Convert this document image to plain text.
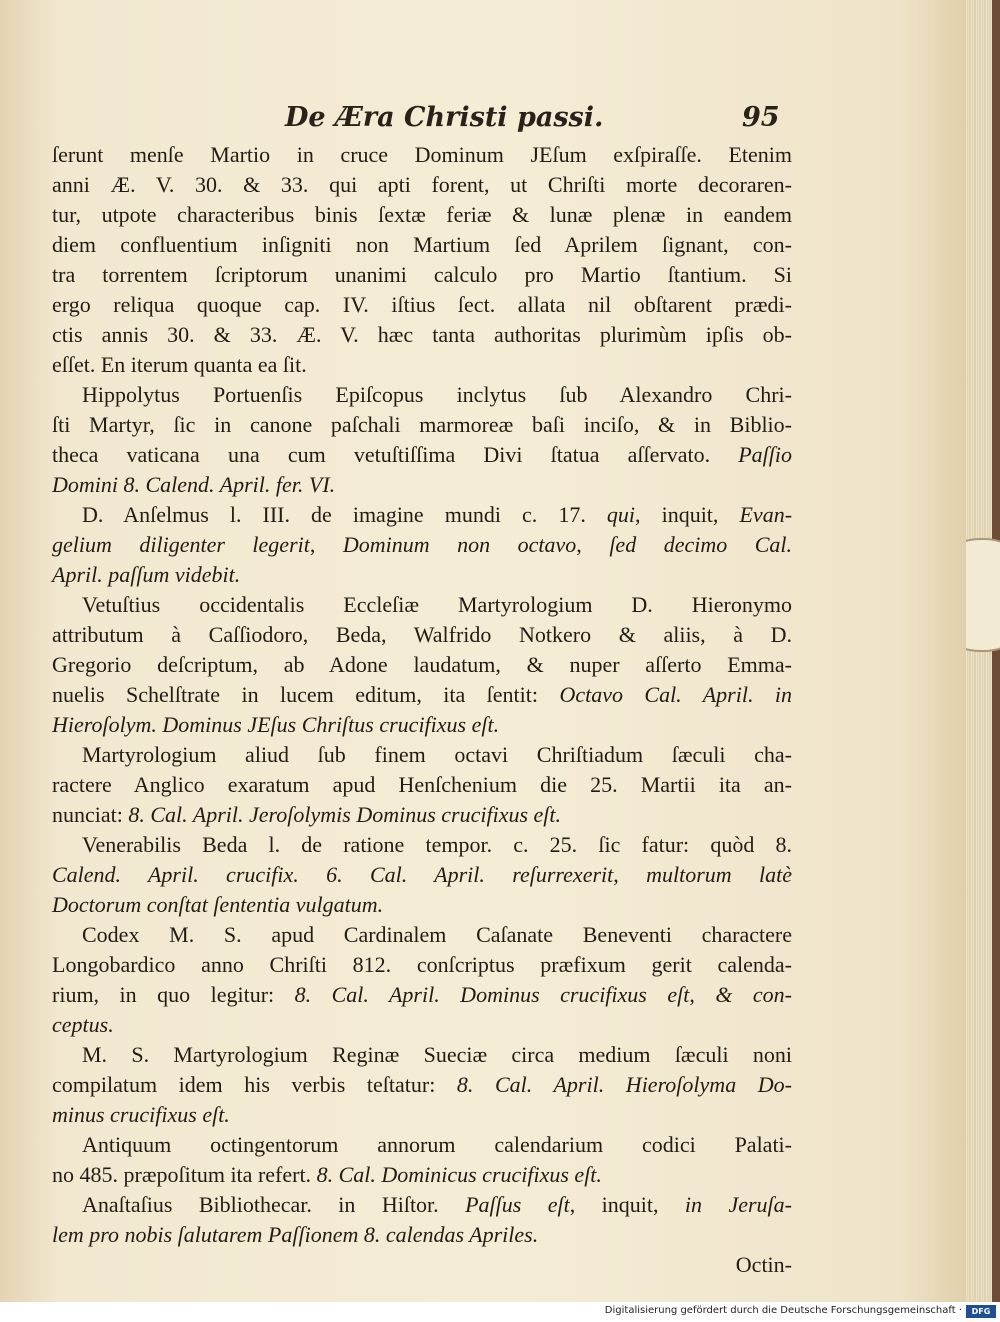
De Æra Christi passi.	95
ſerunt menſe Martio in cruce Dominum JEſum exſpiraſſe. Etenim
anni Æ. V. 30. & 33. qui apti forent, ut Chriſti morte decoraren-
tur, utpote characteribus binis ſextæ feriæ & lunæ plenæ in eandem
diem confluentium inſigniti non Martium ſed Aprilem ſignant, con-
tra torrentem ſcriptorum unanimi calculo pro Martio ſtantium. Si
ergo reliqua quoque cap. IV. iſtius ſect. allata nil obſtarent prædi-
ctis annis 30. & 33. Æ. V. hæc tanta authoritas plurimùm ipſis ob-
eſſet. En iterum quanta ea ſit.
Hippolytus Portuenſis Epiſcopus inclytus ſub Alexandro Chri-
ſti Martyr, ſic in canone paſchali marmoreæ baſi inciſo, & in Biblio-
theca vaticana una cum vetuſtiſſima Divi ſtatua aſſervato. Paſſio
Domini 8. Calend. April. fer. VI.
D. Anſelmus l. III. de imagine mundi c. 17. qui, inquit, Evan-
gelium diligenter legerit, Dominum non octavo, ſed decimo Cal.
April. paſſum videbit.
Vetuſtius occidentalis Eccleſiæ Martyrologium D. Hieronymo
attributum à Caſſiodoro, Beda, Walfrido Notkero & aliis, à D.
Gregorio deſcriptum, ab Adone laudatum, & nuper aſſerto Emma-
nuelis Schelſtrate in lucem editum, ita ſentit: Octavo Cal. April. in
Hieroſolym. Dominus JEſus Chriſtus crucifixus eſt.
Martyrologium aliud ſub finem octavi Chriſtiadum ſæculi cha-
ractere Anglico exaratum apud Henſchenium die 25. Martii ita an-
nunciat: 8. Cal. April. Jeroſolymis Dominus crucifixus eſt.
Venerabilis Beda l. de ratione tempor. c. 25. ſic fatur: quòd 8.
Calend. April. crucifix. 6. Cal. April. reſurrexerit, multorum latè
Doctorum conſtat ſententia vulgatum.
Codex M. S. apud Cardinalem Caſanate Beneventi charactere
Longobardico anno Chriſti 812. conſcriptus præfixum gerit calenda-
rium, in quo legitur: 8. Cal. April. Dominus crucifixus eſt, & con-
ceptus.
M. S. Martyrologium Reginæ Sueciæ circa medium ſæculi noni
compilatum idem his verbis teſtatur: 8. Cal. April. Hieroſolyma Do-
minus crucifixus eſt.
Antiquum octingentorum annorum calendarium codici Palati-
no 485. præpoſitum ita refert. 8. Cal. Dominicus crucifixus eſt.
Anaſtaſius Bibliothecar. in Hiſtor. Paſſus eſt, inquit, in Jeruſa-
lem pro nobis ſalutarem Paſſionem 8. calendas Apriles.
Octin-
Digitalisierung gefördert durch die Deutsche Forschungsgemeinschaft ·	DFG
